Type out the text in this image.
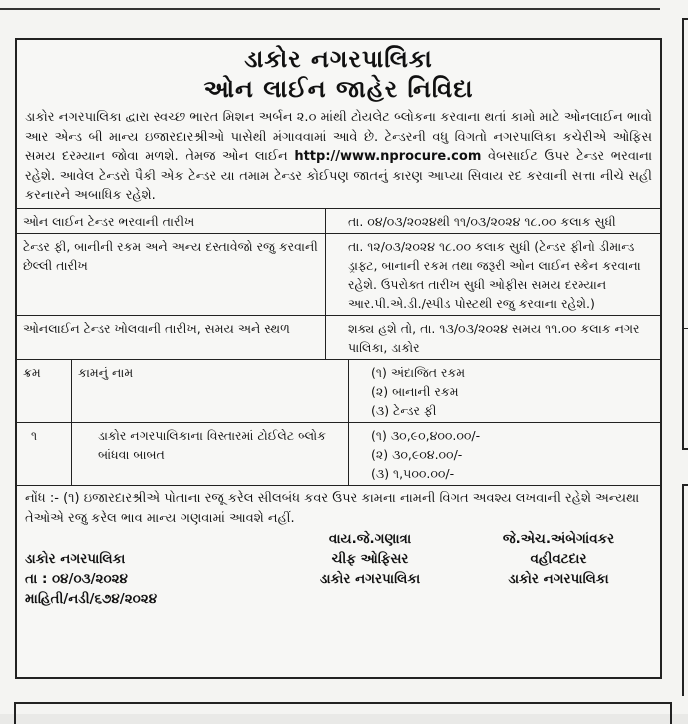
ડાકોર નગરપાલિકા
ઓન લાઈન જાહેર નિવિદા
ડાકોર નગરપાલિકા દ્વારા સ્વચ્છ ભારત મિશન અર્બન ૨.૦ માંથી ટોયલેટ બ્લોકના કરવાના થતાં કામો માટે ઓનલાઈન ભાવો આર એન્ડ બી માન્ય ઇજારદારશ્રીઓ પાસેથી મંગાવવામાં આવે છે. ટેન્ડરની વધુ વિગતો નગરપાલિકા કચેરીએ ઓફિસ સમય દરમ્યાન જોવા મળશે. તેમજ ઓન લાઈન http://www.nprocure.com વેબસાઈટ ઉપર ટેન્ડર ભરવાના રહેશે. આવેલ ટેન્ડરો પૈકી એક ટેન્ડર યા તમામ ટેન્ડર કોઈપણ જાતનું કારણ આપ્યા સિવાય રદ કરવાની સત્તા નીચે સહી કરનારને અબાધિક રહેશે.
ઓન લાઈન ટેન્ડર ભરવાની તારીખ	તા. ૦૪/૦૩/૨૦૨૪થી ૧૧/૦૩/૨૦૨૪ ૧૮.૦૦ કલાક સુધી
ટેન્ડર ફી, બાનીની રકમ અને અન્ય દસ્તાવેજો રજુ કરવાની છેલ્લી તારીખ	તા. ૧૨/૦૩/૨૦૨૪ ૧૮.૦૦ કલાક સુધી (ટેન્ડર ફીનો ડીમાન્ડ ડ્રાફ્ટ, બાનાની રકમ તથા જરૂરી ઓન લાઈન સ્કેન કરવાના રહેશે. ઉપરોક્ત તારીખ સુધી ઓફીસ સમય દરમ્યાન આર.પી.એ.ડી./સ્પીડ પોસ્ટથી રજુ કરવાના રહેશે.)
ઓનલાઈન ટેન્ડર ખોલવાની તારીખ, સમય અને સ્થળ	શક્ય હશે તો, તા. ૧૩/૦૩/૨૦૨૪ સમય ૧૧.૦૦ કલાક નગર પાલિકા, ડાકોર
ક્રમ	કામનું નામ	(૧) અંદાજિત રકમ
(૨) બાનાની રકમ
(૩) ટેન્ડર ફી

૧	ડાકોર નગરપાલિકાના વિસ્તારમાં ટોઈલેટ બ્લોક બાંધવા બાબત	(૧) ૩૦,૯૦,૪૦૦.૦૦/-
(૨) ૩૦,૯૦૪.૦૦/-
(૩) ૧,૫૦૦.૦૦/-
નોંધ :- (૧) ઇજારદારશ્રીએ પોતાના રજૂ કરેલ સીલબંધ કવર ઉપર કામના નામની વિગત અવશ્ય લખવાની રહેશે અન્યથા તેઓએ રજુ કરેલ ભાવ માન્ય ગણવામાં આવશે નહીં.
વાય.જે.ગણાત્રા	જે.એચ.અંબેગાંવકર
ડાકોર નગરપાલિકા	ચીફ ઓફિસર	વહીવટદાર
તા : ૦૪/૦૩/૨૦૨૪	ડાકોર નગરપાલિકા	ડાકોર નગરપાલિકા
માહિતી/નડી/૬૭૪/૨૦૨૪
